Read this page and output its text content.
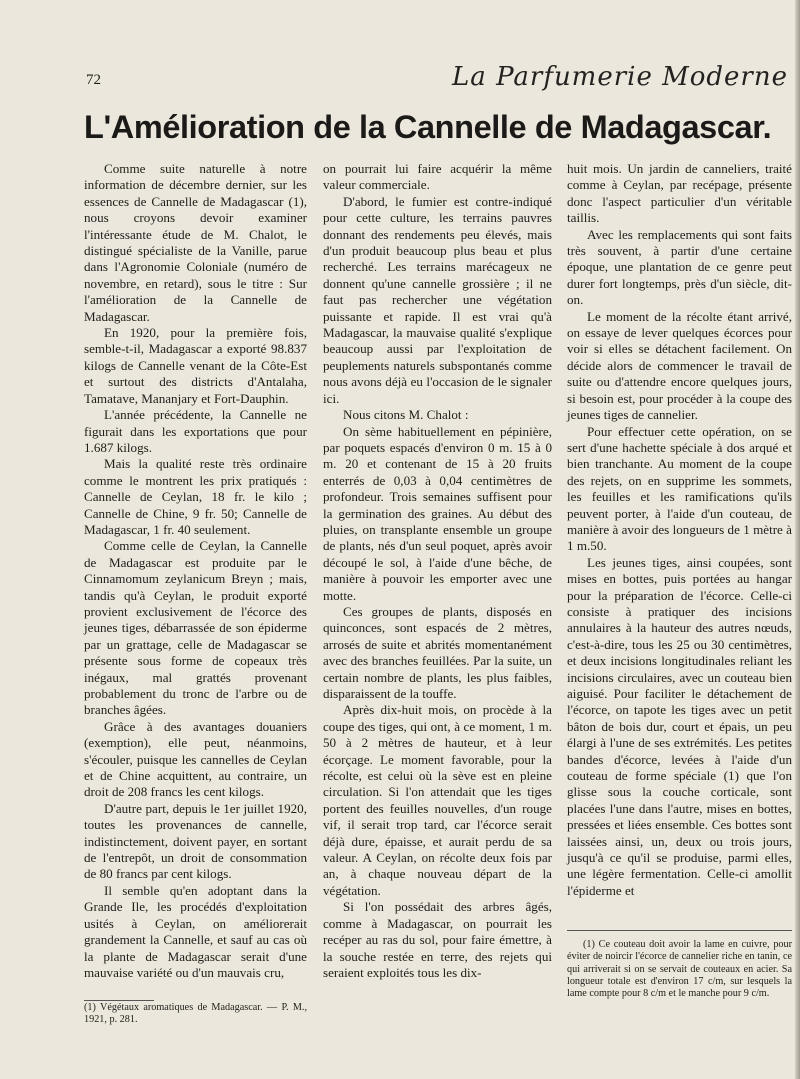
72	La Parfumerie Moderne
L'Amélioration de la Cannelle de Madagascar.

Comme suite naturelle à notre information de décembre dernier, sur les essences de Cannelle de Madagascar (1), nous croyons devoir examiner l'intéressante étude de M. Chalot, le distingué spécialiste de la Vanille, parue dans l'Agronomie Coloniale (numéro de novembre, en retard), sous le titre : Sur l'amélioration de la Cannelle de Madagascar.

En 1920, pour la première fois, semble-t-il, Madagascar a exporté 98.837 kilogs de Cannelle venant de la Côte-Est et surtout des districts d'Antalaha, Tamatave, Mananjary et Fort-Dauphin.

L'année précédente, la Cannelle ne figurait dans les exportations que pour 1.687 kilogs.

Mais la qualité reste très ordinaire comme le montrent les prix pratiqués : Cannelle de Ceylan, 18 fr. le kilo ; Cannelle de Chine, 9 fr. 50; Cannelle de Madagascar, 1 fr. 40 seulement.

Comme celle de Ceylan, la Cannelle de Madagascar est produite par le Cinnamomum zeylanicum Breyn ; mais, tandis qu'à Ceylan, le produit exporté provient exclusivement de l'écorce des jeunes tiges, débarrassée de son épiderme par un grattage, celle de Madagascar se présente sous forme de copeaux très inégaux, mal grattés provenant probablement du tronc de l'arbre ou de branches âgées.

Grâce à des avantages douaniers (exemption), elle peut, néanmoins, s'écouler, puisque les cannelles de Ceylan et de Chine acquittent, au contraire, un droit de 208 francs les cent kilogs.

D'autre part, depuis le 1er juillet 1920, toutes les provenances de cannelle, indistinctement, doivent payer, en sortant de l'entrepôt, un droit de consommation de 80 francs par cent kilogs.

Il semble qu'en adoptant dans la Grande Ile, les procédés d'exploitation usités à Ceylan, on améliorerait grandement la Cannelle, et sauf au cas où la plante de Madagascar serait d'une mauvaise variété ou d'un mauvais cru,

on pourrait lui faire acquérir la même valeur commerciale.

D'abord, le fumier est contre-indiqué pour cette culture, les terrains pauvres donnant des rendements peu élevés, mais d'un produit beaucoup plus beau et plus recherché. Les terrains marécageux ne donnent qu'une cannelle grossière ; il ne faut pas rechercher une végétation puissante et rapide. Il est vrai qu'à Madagascar, la mauvaise qualité s'explique beaucoup aussi par l'exploitation de peuplements naturels subspontanés comme nous avons déjà eu l'occasion de le signaler ici.

Nous citons M. Chalot :

On sème habituellement en pépinière, par poquets espacés d'environ 0 m. 15 à 0 m. 20 et contenant de 15 à 20 fruits enterrés de 0,03 à 0,04 centimètres de profondeur. Trois semaines suffisent pour la germination des graines. Au début des pluies, on transplante ensemble un groupe de plants, nés d'un seul poquet, après avoir découpé le sol, à l'aide d'une bêche, de manière à pouvoir les emporter avec une motte.

Ces groupes de plants, disposés en quinconces, sont espacés de 2 mètres, arrosés de suite et abrités momentanément avec des branches feuillées. Par la suite, un certain nombre de plants, les plus faibles, disparaissent de la touffe.

Après dix-huit mois, on procède à la coupe des tiges, qui ont, à ce moment, 1 m. 50 à 2 mètres de hauteur, et à leur écorçage. Le moment favorable, pour la récolte, est celui où la sève est en pleine circulation. Si l'on attendait que les tiges portent des feuilles nouvelles, d'un rouge vif, il serait trop tard, car l'écorce serait déjà dure, épaisse, et aurait perdu de sa valeur. A Ceylan, on récolte deux fois par an, à chaque nouveau départ de la végétation.

Si l'on possédait des arbres âgés, comme à Madagascar, on pourrait les recéper au ras du sol, pour faire émettre, à la souche restée en terre, des rejets qui seraient exploités tous les dix-

huit mois. Un jardin de canneliers, traité comme à Ceylan, par recépage, présente donc l'aspect particulier d'un véritable taillis.

Avec les remplacements qui sont faits très souvent, à partir d'une certaine époque, une plantation de ce genre peut durer fort longtemps, près d'un siècle, dit-on.

Le moment de la récolte étant arrivé, on essaye de lever quelques écorces pour voir si elles se détachent facilement. On décide alors de commencer le travail de suite ou d'attendre encore quelques jours, si besoin est, pour procéder à la coupe des jeunes tiges de cannelier.

Pour effectuer cette opération, on se sert d'une hachette spéciale à dos arqué et bien tranchante. Au moment de la coupe des rejets, on en supprime les sommets, les feuilles et les ramifications qu'ils peuvent porter, à l'aide d'un couteau, de manière à avoir des longueurs de 1 mètre à 1 m.50.

Les jeunes tiges, ainsi coupées, sont mises en bottes, puis portées au hangar pour la préparation de l'écorce. Celle-ci consiste à pratiquer des incisions annulaires à la hauteur des autres nœuds, c'est-à-dire, tous les 25 ou 30 centimètres, et deux incisions longitudinales reliant les incisions circulaires, avec un couteau bien aiguisé. Pour faciliter le détachement de l'écorce, on tapote les tiges avec un petit bâton de bois dur, court et épais, un peu élargi à l'une de ses extrémités. Les petites bandes d'écorce, levées à l'aide d'un couteau de forme spéciale (1) que l'on glisse sous la couche corticale, sont placées l'une dans l'autre, mises en bottes, pressées et liées ensemble. Ces bottes sont laissées ainsi, un, deux ou trois jours, jusqu'à ce qu'il se produise, parmi elles, une légère fermentation. Celle-ci amollit l'épiderme et

(1) Végétaux aromatiques de Madagascar. — P. M., 1921, p. 281.

(1) Ce couteau doit avoir la lame en cuivre, pour éviter de noircir l'écorce de cannelier riche en tanin, ce qui arriverait si on se servait de couteaux en acier. Sa longueur totale est d'environ 17 c/m, sur lesquels la lame compte pour 8 c/m et le manche pour 9 c/m.
